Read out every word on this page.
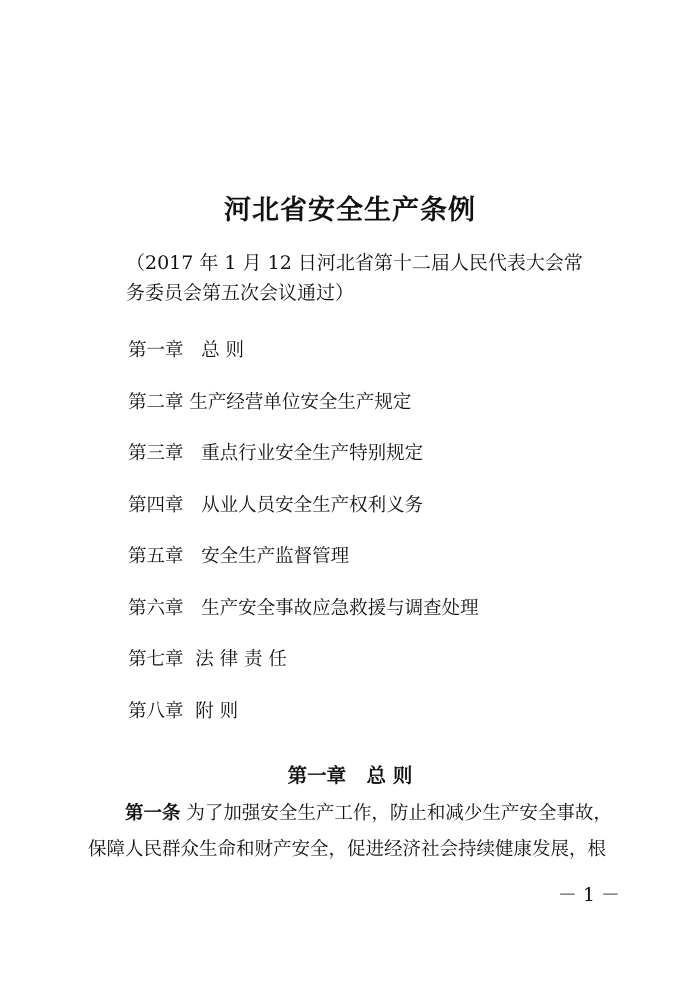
河北省安全生产条例

（2017 年 1 月 12 日河北省第十二届人民代表大会常务委员会第五次会议通过）

第一章   总 则
第二章 生产经营单位安全生产规定
第三章   重点行业安全生产特别规定
第四章   从业人员安全生产权利义务
第五章   安全生产监督管理
第六章   生产安全事故应急救援与调查处理
第七章  法 律 责 任
第八章  附 则
第一章   总 则

第一条 为了加强安全生产工作，防止和减少生产安全事故，保障人民群众生命和财产安全，促进经济社会持续健康发展，根

－ 1 －
